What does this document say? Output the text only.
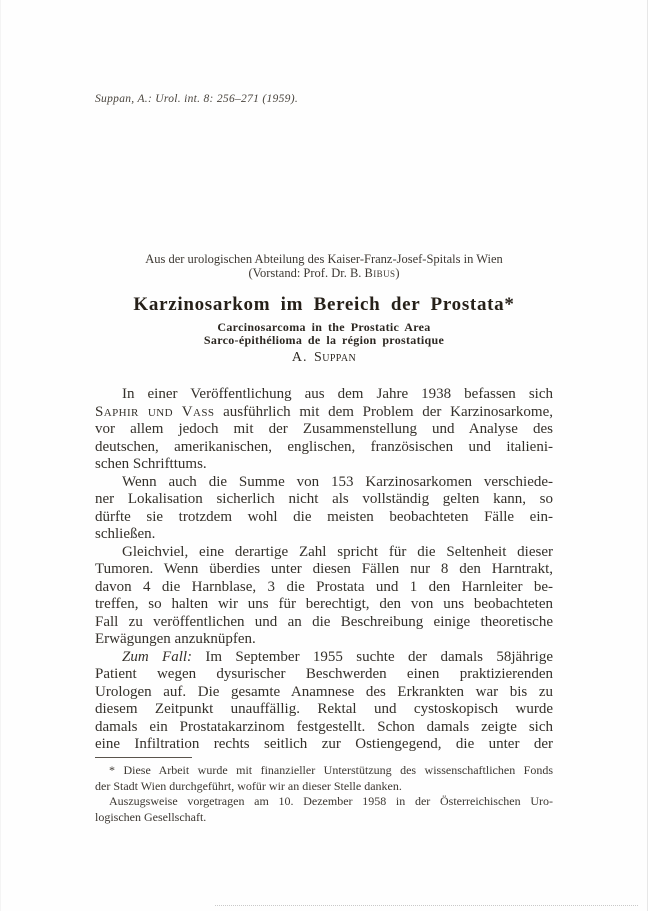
Suppan, A.: Urol. int. 8: 256–271 (1959).
Aus der urologischen Abteilung des Kaiser-Franz-Josef-Spitals in Wien
(Vorstand: Prof. Dr. B. Bibus)
Karzinosarkom im Bereich der Prostata*
Carcinosarcoma in the Prostatic Area
Sarco-épithélioma de la région prostatique
A. Suppan
In einer Veröffentlichung aus dem Jahre 1938 befassen sich
Saphir und Vass ausführlich mit dem Problem der Karzinosarkome,
vor allem jedoch mit der Zusammenstellung und Analyse des
deutschen, amerikanischen, englischen, französischen und italieni-
schen Schrifttums.
Wenn auch die Summe von 153 Karzinosarkomen verschiede-
ner Lokalisation sicherlich nicht als vollständig gelten kann, so
dürfte sie trotzdem wohl die meisten beobachteten Fälle ein-
schließen.
Gleichviel, eine derartige Zahl spricht für die Seltenheit dieser
Tumoren. Wenn überdies unter diesen Fällen nur 8 den Harntrakt,
davon 4 die Harnblase, 3 die Prostata und 1 den Harnleiter be-
treffen, so halten wir uns für berechtigt, den von uns beobachteten
Fall zu veröffentlichen und an die Beschreibung einige theoretische
Erwägungen anzuknüpfen.
Zum Fall: Im September 1955 suchte der damals 58jährige
Patient wegen dysurischer Beschwerden einen praktizierenden
Urologen auf. Die gesamte Anamnese des Erkrankten war bis zu
diesem Zeitpunkt unauffällig. Rektal und cystoskopisch wurde
damals ein Prostatakarzinom festgestellt. Schon damals zeigte sich
eine Infiltration rechts seitlich zur Ostiengegend, die unter der
* Diese Arbeit wurde mit finanzieller Unterstützung des wissenschaftlichen Fonds
der Stadt Wien durchgeführt, wofür wir an dieser Stelle danken.
Auszugsweise vorgetragen am 10. Dezember 1958 in der Österreichischen Uro-
logischen Gesellschaft.
